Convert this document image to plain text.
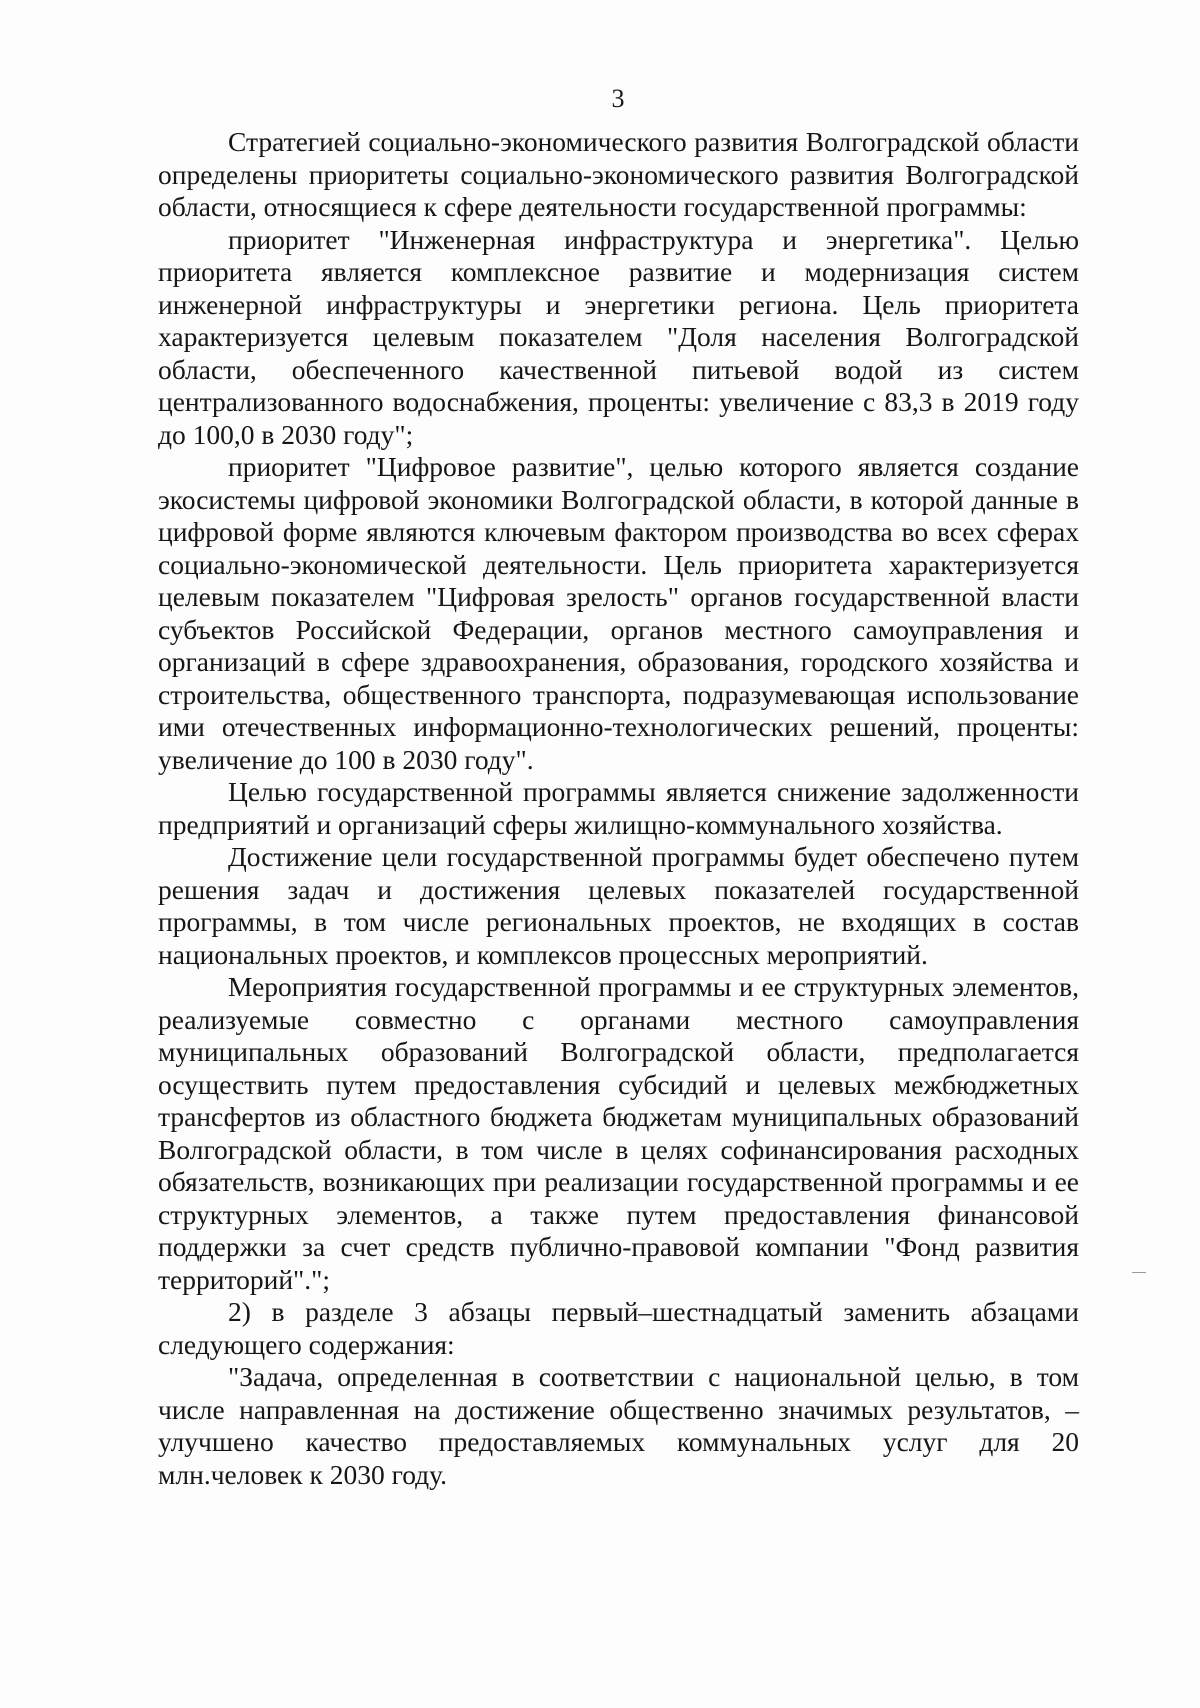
3

Стратегией социально-экономического развития Волгоградской области определены приоритеты социально-экономического развития Волгоградской области, относящиеся к сфере деятельности государственной программы:

приоритет "Инженерная инфраструктура и энергетика". Целью приоритета является комплексное развитие и модернизация систем инженерной инфраструктуры и энергетики региона. Цель приоритета характеризуется целевым показателем "Доля населения Волгоградской области, обеспеченного качественной питьевой водой из систем централизованного водоснабжения, проценты: увеличение с 83,3 в 2019 году до 100,0 в 2030 году";

приоритет "Цифровое развитие", целью которого является создание экосистемы цифровой экономики Волгоградской области, в которой данные в цифровой форме являются ключевым фактором производства во всех сферах социально-экономической деятельности. Цель приоритета характеризуется целевым показателем "Цифровая зрелость" органов государственной власти субъектов Российской Федерации, органов местного самоуправления и организаций в сфере здравоохранения, образования, городского хозяйства и строительства, общественного транспорта, подразумевающая использование ими отечественных информационно-технологических решений, проценты: увеличение до 100 в 2030 году".

Целью государственной программы является снижение задолженности предприятий и организаций сферы жилищно-коммунального хозяйства.

Достижение цели государственной программы будет обеспечено путем решения задач и достижения целевых показателей государственной программы, в том числе региональных проектов, не входящих в состав национальных проектов, и комплексов процессных мероприятий.

Мероприятия государственной программы и ее структурных элементов, реализуемые совместно с органами местного самоуправления муниципальных образований Волгоградской области, предполагается осуществить путем предоставления субсидий и целевых межбюджетных трансфертов из областного бюджета бюджетам муниципальных образований Волгоградской области, в том числе в целях софинансирования расходных обязательств, возникающих при реализации государственной программы и ее структурных элементов, а также путем предоставления финансовой поддержки за счет средств публично-правовой компании "Фонд развития территорий".";

2) в разделе 3 абзацы первый–шестнадцатый заменить абзацами следующего содержания:

"Задача, определенная в соответствии с национальной целью, в том числе направленная на достижение общественно значимых результатов, – улучшено качество предоставляемых коммунальных услуг для 20 млн.человек к 2030 году.
